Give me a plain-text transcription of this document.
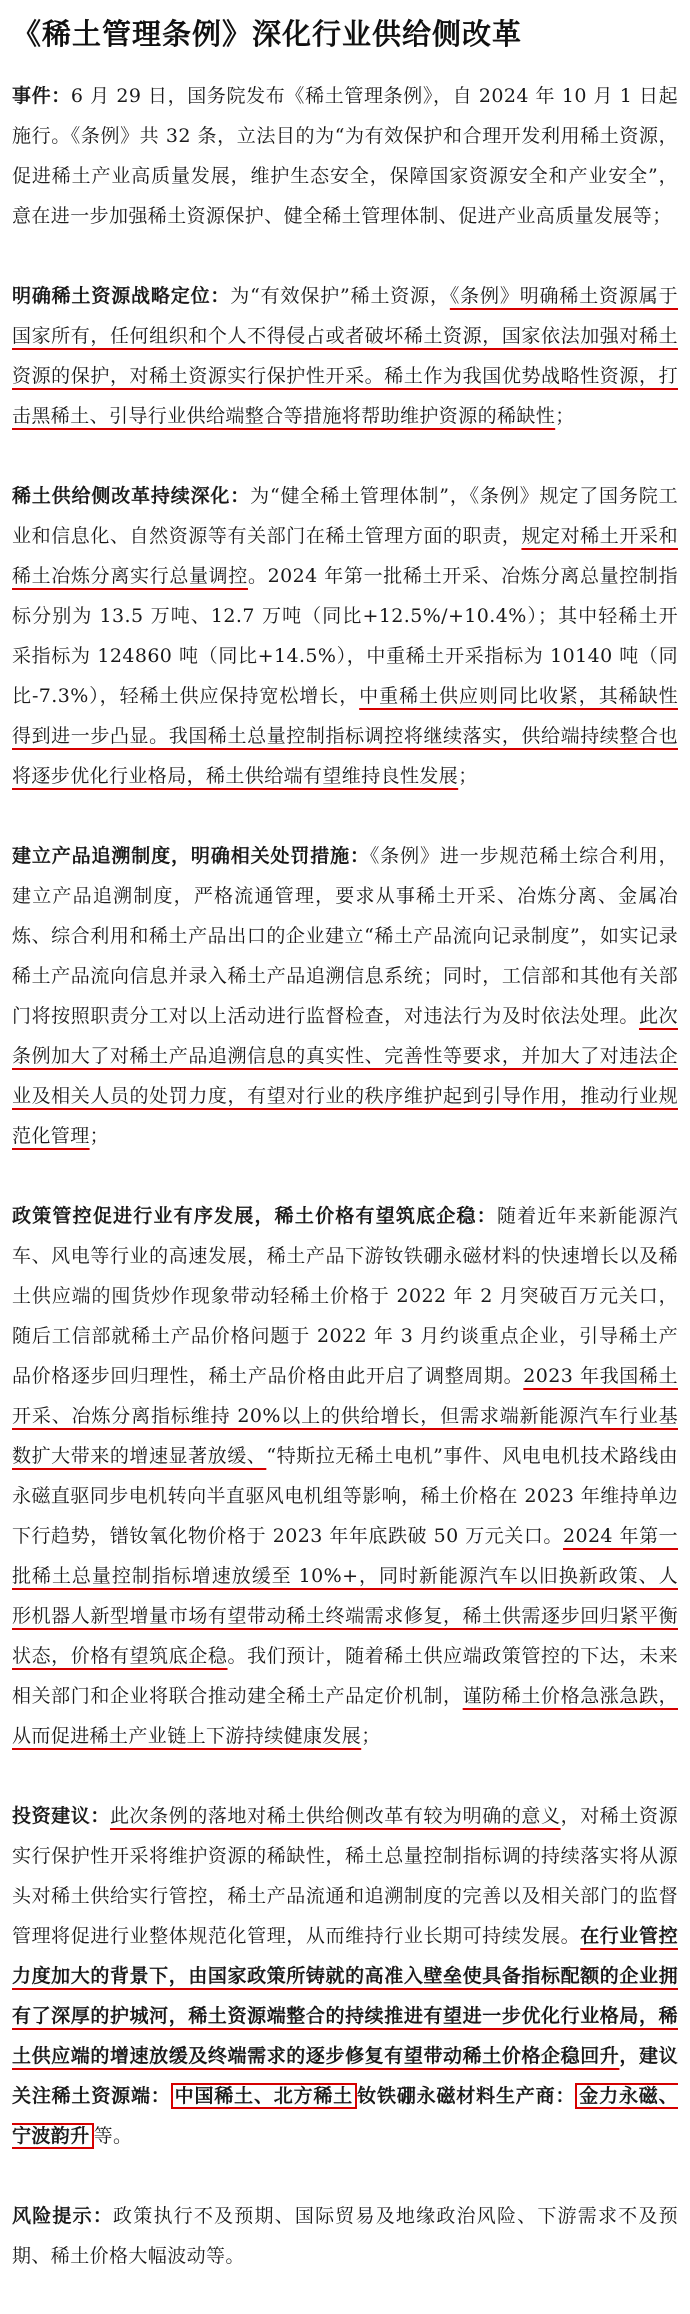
《稀土管理条例》深化行业供给侧改革

事件：6 月 29 日，国务院发布《稀土管理条例》，自 2024 年 10 月 1 日起施行。《条例》共 32 条，立法目的为“为有效保护和合理开发利用稀土资源，促进稀土产业高质量发展，维护生态安全，保障国家资源安全和产业安全”，意在进一步加强稀土资源保护、健全稀土管理体制、促进产业高质量发展等；

明确稀土资源战略定位：为“有效保护”稀土资源，《条例》明确稀土资源属于国家所有，任何组织和个人不得侵占或者破坏稀土资源，国家依法加强对稀土资源的保护，对稀土资源实行保护性开采。稀土作为我国优势战略性资源，打击黑稀土、引导行业供给端整合等措施将帮助维护资源的稀缺性；

稀土供给侧改革持续深化：为“健全稀土管理体制”，《条例》规定了国务院工业和信息化、自然资源等有关部门在稀土管理方面的职责，规定对稀土开采和稀土冶炼分离实行总量调控。2024 年第一批稀土开采、冶炼分离总量控制指标分别为 13.5 万吨、12.7 万吨（同比+12.5%/+10.4%）；其中轻稀土开采指标为 124860 吨（同比+14.5%），中重稀土开采指标为 10140 吨（同比-7.3%），轻稀土供应保持宽松增长，中重稀土供应则同比收紧，其稀缺性得到进一步凸显。我国稀土总量控制指标调控将继续落实，供给端持续整合也将逐步优化行业格局，稀土供给端有望维持良性发展；

建立产品追溯制度，明确相关处罚措施：《条例》进一步规范稀土综合利用，建立产品追溯制度，严格流通管理，要求从事稀土开采、冶炼分离、金属冶炼、综合利用和稀土产品出口的企业建立“稀土产品流向记录制度”，如实记录稀土产品流向信息并录入稀土产品追溯信息系统；同时，工信部和其他有关部门将按照职责分工对以上活动进行监督检查，对违法行为及时依法处理。此次条例加大了对稀土产品追溯信息的真实性、完善性等要求，并加大了对违法企业及相关人员的处罚力度，有望对行业的秩序维护起到引导作用，推动行业规范化管理；

政策管控促进行业有序发展，稀土价格有望筑底企稳：随着近年来新能源汽车、风电等行业的高速发展，稀土产品下游钕铁硼永磁材料的快速增长以及稀土供应端的囤货炒作现象带动轻稀土价格于 2022 年 2 月突破百万元关口，随后工信部就稀土产品价格问题于 2022 年 3 月约谈重点企业，引导稀土产品价格逐步回归理性，稀土产品价格由此开启了调整周期。2023 年我国稀土开采、冶炼分离指标维持 20%以上的供给增长，但需求端新能源汽车行业基数扩大带来的增速显著放缓、“特斯拉无稀土电机”事件、风电电机技术路线由永磁直驱同步电机转向半直驱风电机组等影响，稀土价格在 2023 年维持单边下行趋势，镨钕氧化物价格于 2023 年年底跌破 50 万元关口。2024 年第一批稀土总量控制指标增速放缓至 10%+，同时新能源汽车以旧换新政策、人形机器人新型增量市场有望带动稀土终端需求修复，稀土供需逐步回归紧平衡状态，价格有望筑底企稳。我们预计，随着稀土供应端政策管控的下达，未来相关部门和企业将联合推动建全稀土产品定价机制，谨防稀土价格急涨急跌，从而促进稀土产业链上下游持续健康发展；

投资建议：此次条例的落地对稀土供给侧改革有较为明确的意义，对稀土资源实行保护性开采将维护资源的稀缺性，稀土总量控制指标调的持续落实将从源头对稀土供给实行管控，稀土产品流通和追溯制度的完善以及相关部门的监督管理将促进行业整体规范化管理，从而维持行业长期可持续发展。在行业管控力度加大的背景下，由国家政策所铸就的高准入壁垒使具备指标配额的企业拥有了深厚的护城河，稀土资源端整合的持续推进有望进一步优化行业格局，稀土供应端的增速放缓及终端需求的逐步修复有望带动稀土价格企稳回升，建议关注稀土资源端： 中国稀土、北方稀土 钕铁硼永磁材料生产商： 金力永磁、宁波韵升 等。

风险提示：政策执行不及预期、国际贸易及地缘政治风险、下游需求不及预期、稀土价格大幅波动等。
